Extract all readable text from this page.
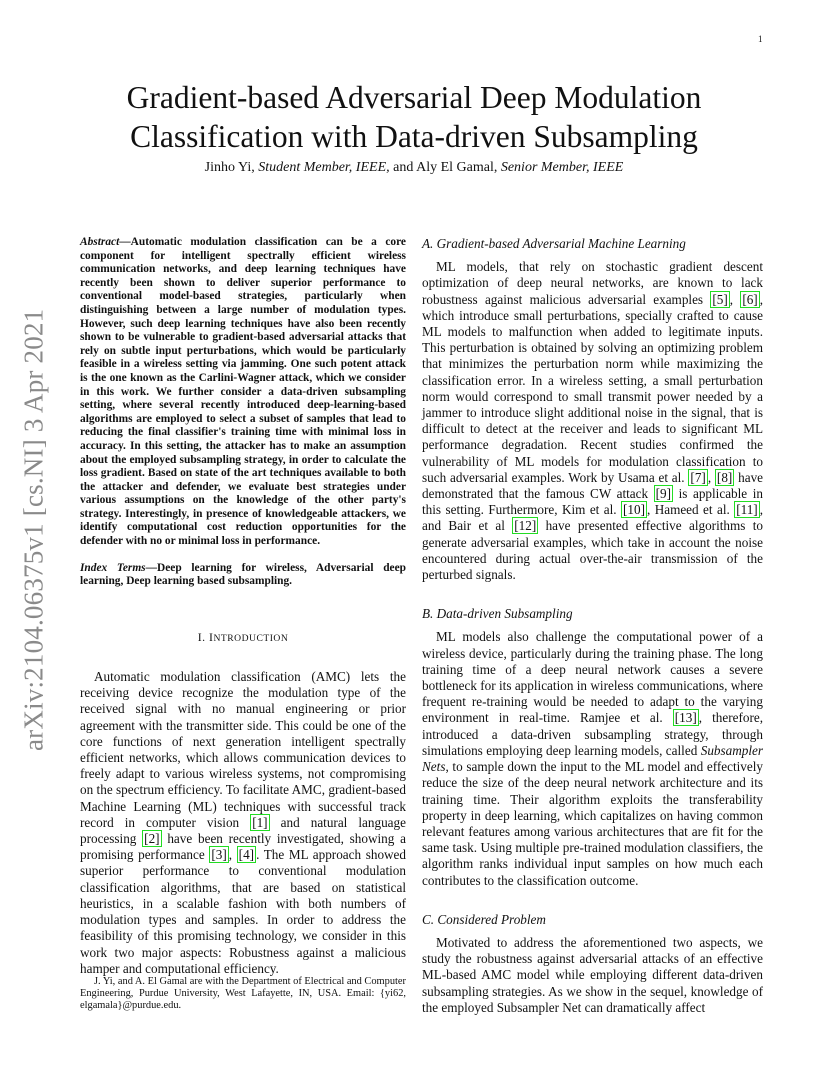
1
arXiv:2104.06375v1 [cs.NI] 3 Apr 2021
Gradient-based Adversarial Deep Modulation
Classification with Data-driven Subsampling
Jinho Yi, Student Member, IEEE, and Aly El Gamal, Senior Member, IEEE

Abstract—Automatic modulation classification can be a core component for intelligent spectrally efficient wireless communication networks, and deep learning techniques have recently been shown to deliver superior performance to conventional model-based strategies, particularly when distinguishing between a large number of modulation types. However, such deep learning techniques have also been recently shown to be vulnerable to gradient-based adversarial attacks that rely on subtle input perturbations, which would be particularly feasible in a wireless setting via jamming. One such potent attack is the one known as the Carlini-Wagner attack, which we consider in this work. We further consider a data-driven subsampling setting, where several recently introduced deep-learning-based algorithms are employed to select a subset of samples that lead to reducing the final classifier's training time with minimal loss in accuracy. In this setting, the attacker has to make an assumption about the employed subsampling strategy, in order to calculate the loss gradient. Based on state of the art techniques available to both the attacker and defender, we evaluate best strategies under various assumptions on the knowledge of the other party's strategy. Interestingly, in presence of knowledgeable attackers, we identify computational cost reduction opportunities for the defender with no or minimal loss in performance.

Index Terms—Deep learning for wireless, Adversarial deep learning, Deep learning based subsampling.

I. INTRODUCTION

Automatic modulation classification (AMC) lets the receiving device recognize the modulation type of the received signal with no manual engineering or prior agreement with the transmitter side. This could be one of the core functions of next generation intelligent spectrally efficient networks, which allows communication devices to freely adapt to various wireless systems, not compromising on the spectrum efficiency. To facilitate AMC, gradient-based Machine Learning (ML) techniques with successful track record in computer vision [1] and natural language processing [2] have been recently investigated, showing a promising performance [3] , [4] . The ML approach showed superior performance to conventional modulation classification algorithms, that are based on statistical heuristics, in a scalable fashion with both numbers of modulation types and samples. In order to address the feasibility of this promising technology, we consider in this work two major aspects: Robustness against a malicious hamper and computational efficiency.

J. Yi, and A. El Gamal are with the Department of Electrical and Computer Engineering, Purdue University, West Lafayette, IN, USA. Email: {yi62, elgamala}@purdue.edu.
A. Gradient-based Adversarial Machine Learning

ML models, that rely on stochastic gradient descent optimization of deep neural networks, are known to lack robustness against malicious adversarial examples [5] , [6] , which introduce small perturbations, specially crafted to cause ML models to malfunction when added to legitimate inputs. This perturbation is obtained by solving an optimizing problem that minimizes the perturbation norm while maximizing the classification error. In a wireless setting, a small perturbation norm would correspond to small transmit power needed by a jammer to introduce slight additional noise in the signal, that is difficult to detect at the receiver and leads to significant ML performance degradation. Recent studies confirmed the vulnerability of ML models for modulation classification to such adversarial examples. Work by Usama et al. [7] , [8] have demonstrated that the famous CW attack [9] is applicable in this setting. Furthermore, Kim et al. [10] , Hameed et al. [11] , and Bair et al [12] have presented effective algorithms to generate adversarial examples, which take in account the noise encountered during actual over-the-air transmission of the perturbed signals.

B. Data-driven Subsampling

ML models also challenge the computational power of a wireless device, particularly during the training phase. The long training time of a deep neural network causes a severe bottleneck for its application in wireless communications, where frequent re-training would be needed to adapt to the varying environment in real-time. Ramjee et al. [13] , therefore, introduced a data-driven subsampling strategy, through simulations employing deep learning models, called Subsampler Nets, to sample down the input to the ML model and effectively reduce the size of the deep neural network architecture and its training time. Their algorithm exploits the transferability property in deep learning, which capitalizes on having common relevant features among various architectures that are fit for the same task. Using multiple pre-trained modulation classifiers, the algorithm ranks individual input samples on how much each contributes to the classification outcome.

C. Considered Problem

Motivated to address the aforementioned two aspects, we study the robustness against adversarial attacks of an effective ML-based AMC model while employing different data-driven subsampling strategies. As we show in the sequel, knowledge of the employed Subsampler Net can dramatically affect
